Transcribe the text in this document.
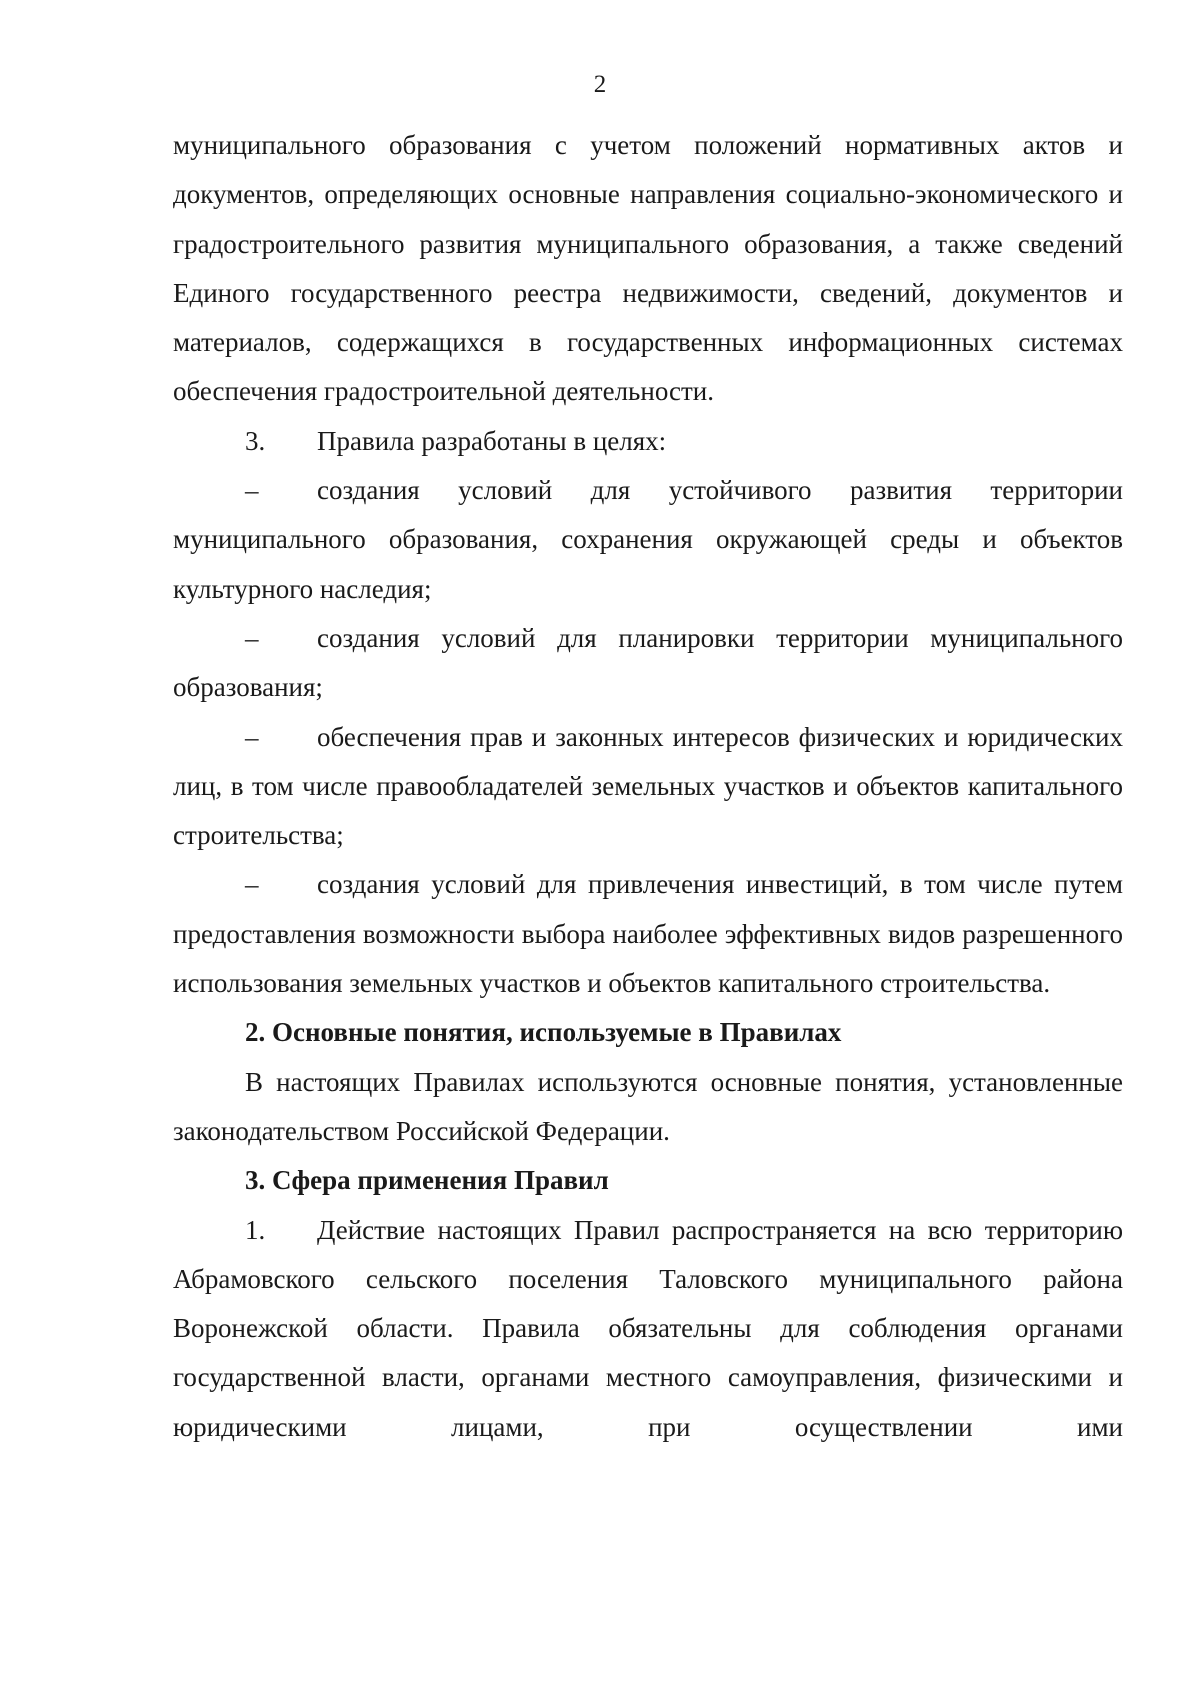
2

муниципального образования с учетом положений нормативных актов и документов, определяющих основные направления социально-экономического и градостроительного развития муниципального образования, а также сведений Единого государственного реестра недвижимости, сведений, документов и материалов, содержащихся в государственных информационных системах обеспечения градостроительной деятельности.

3. Правила разработаны в целях:

– создания условий для устойчивого развития территории муниципального образования, сохранения окружающей среды и объектов культурного наследия;

– создания условий для планировки территории муниципального образования;

– обеспечения прав и законных интересов физических и юридических лиц, в том числе правообладателей земельных участков и объектов капитального строительства;

– создания условий для привлечения инвестиций, в том числе путем предоставления возможности выбора наиболее эффективных видов разрешенного использования земельных участков и объектов капитального строительства.

2. Основные понятия, используемые в Правилах

В настоящих Правилах используются основные понятия, установленные законодательством Российской Федерации.

3. Сфера применения Правил

1. Действие настоящих Правил распространяется на всю территорию Абрамовского сельского поселения Таловского муниципального района Воронежской области. Правила обязательны для соблюдения органами государственной власти, органами местного самоуправления, физическими и юридическими лицами, при осуществлении ими
